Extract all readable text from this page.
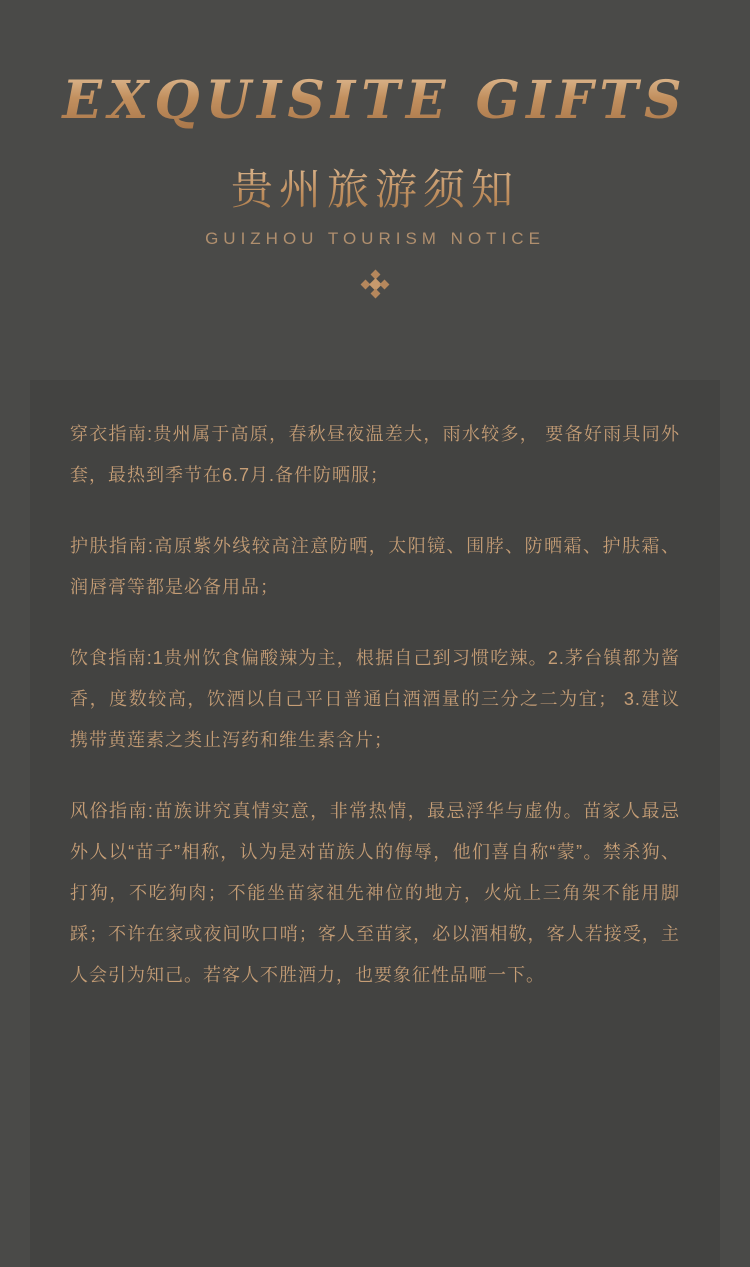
EXQUISITE GIFTS
贵州旅游须知
GUIZHOU TOURISM NOTICE

穿衣指南:贵州属于高原，春秋昼夜温差大，雨水较多， 要备好雨具同外套，最热到季节在6.7月.备件防晒服；

护肤指南:高原紫外线较高注意防晒，太阳镜、围脖、防晒霜、护肤霜、润唇膏等都是必备用品；

饮食指南:1贵州饮食偏酸辣为主，根据自己到习惯吃辣。2.茅台镇都为酱香，度数较高，饮酒以自己平日普通白酒酒量的三分之二为宜； 3.建议携带黄莲素之类止泻药和维生素含片；

风俗指南:苗族讲究真情实意，非常热情，最忌浮华与虚伪。苗家人最忌外人以“苗子”相称，认为是对苗族人的侮辱，他们喜自称“蒙”。禁杀狗、打狗，不吃狗肉；不能坐苗家祖先神位的地方，火炕上三角架不能用脚踩；不许在家或夜间吹口哨；客人至苗家，必以酒相敬，客人若接受，主人会引为知己。若客人不胜酒力，也要象征性品咂一下。
